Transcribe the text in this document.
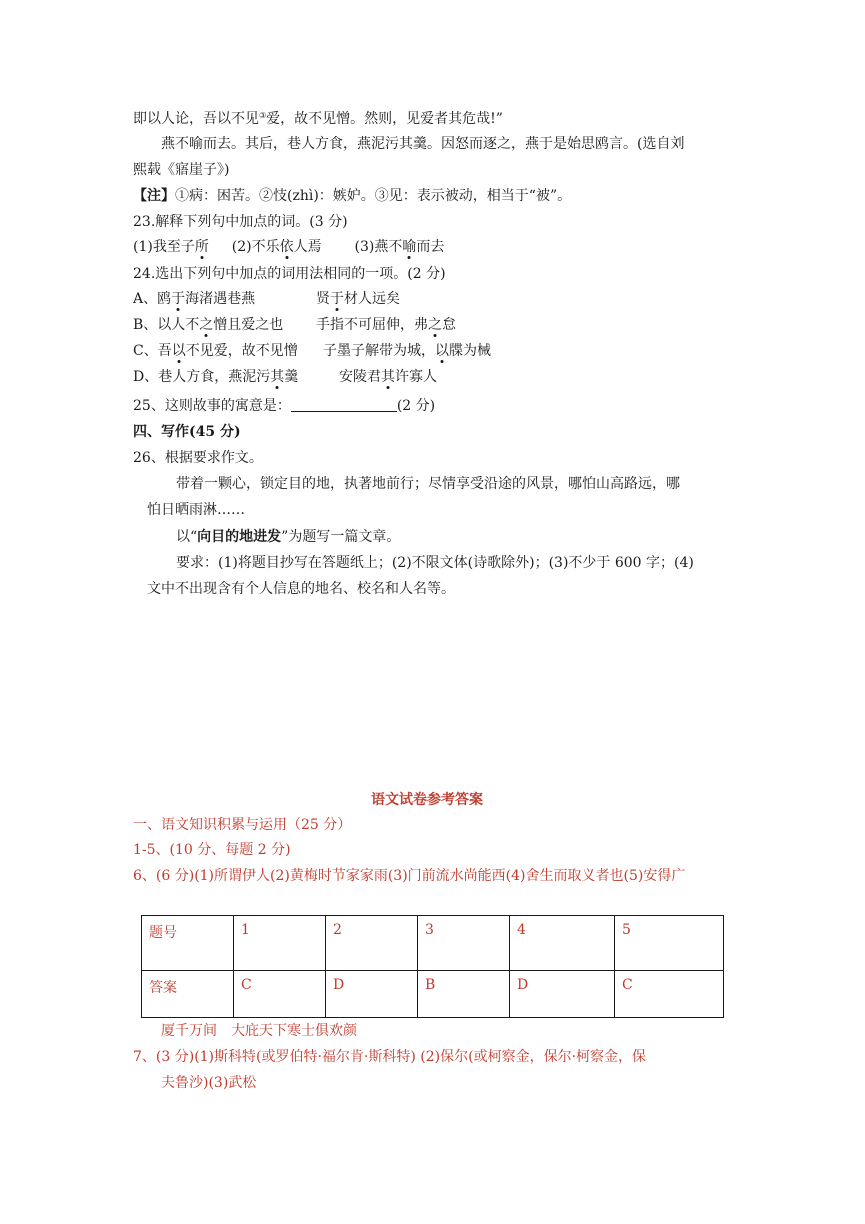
即以人论，吾以不见③爱，故不见憎。然则，见爱者其危哉!”
燕不喻而去。其后，巷人方食，燕泥污其羹。因怒而逐之，燕于是始思鸥言。(选自刘
熙载《寤崖子》)
【注】①病：困苦。②忮(zhì)：嫉妒。③见：表示被动，相当于“被”。
23.解释下列句中加点的词。(3 分)
(1)我至子所 (2)不乐依人焉 (3)燕不喻而去
24.选出下列句中加点的词用法相同的一项。(2 分)
A、鸥于海渚遇巷燕	贤于材人远矣
B、以人不之憎且爱之也 手指不可屈伸，弗之怠
C、吾以不见爱，故不见憎 子墨子解带为城，以牒为械
D、巷人方食，燕泥污其羹	安陵君其许寡人
25、这则故事的寓意是：	(2 分)
四、写作(45 分)
26、根据要求作文。
带着一颗心，锁定目的地，执著地前行；尽情享受沿途的风景，哪怕山高路远，哪
怕日晒雨淋……
以“向目的地进发”为题写一篇文章。
要求：(1)将题目抄写在答题纸上；(2)不限文体(诗歌除外)；(3)不少于 600 字；(4)
文中不出现含有个人信息的地名、校名和人名等。
语文试卷参考答案
一、语文知识积累与运用（25 分）
1-5、(10 分、每题 2 分)
6、(6 分)(1)所谓伊人(2)黄梅时节家家雨(3)门前流水尚能西(4)舍生而取义者也(5)安得广
题号	1	2	3	4	5
答案	C	D	B	D	C
厦千万间　大庇天下寒士俱欢颜
7、(3 分)(1)斯科特(或罗伯特·福尔肯·斯科特) (2)保尔(或柯察金，保尔·柯察金，保
夫鲁沙)(3)武松
